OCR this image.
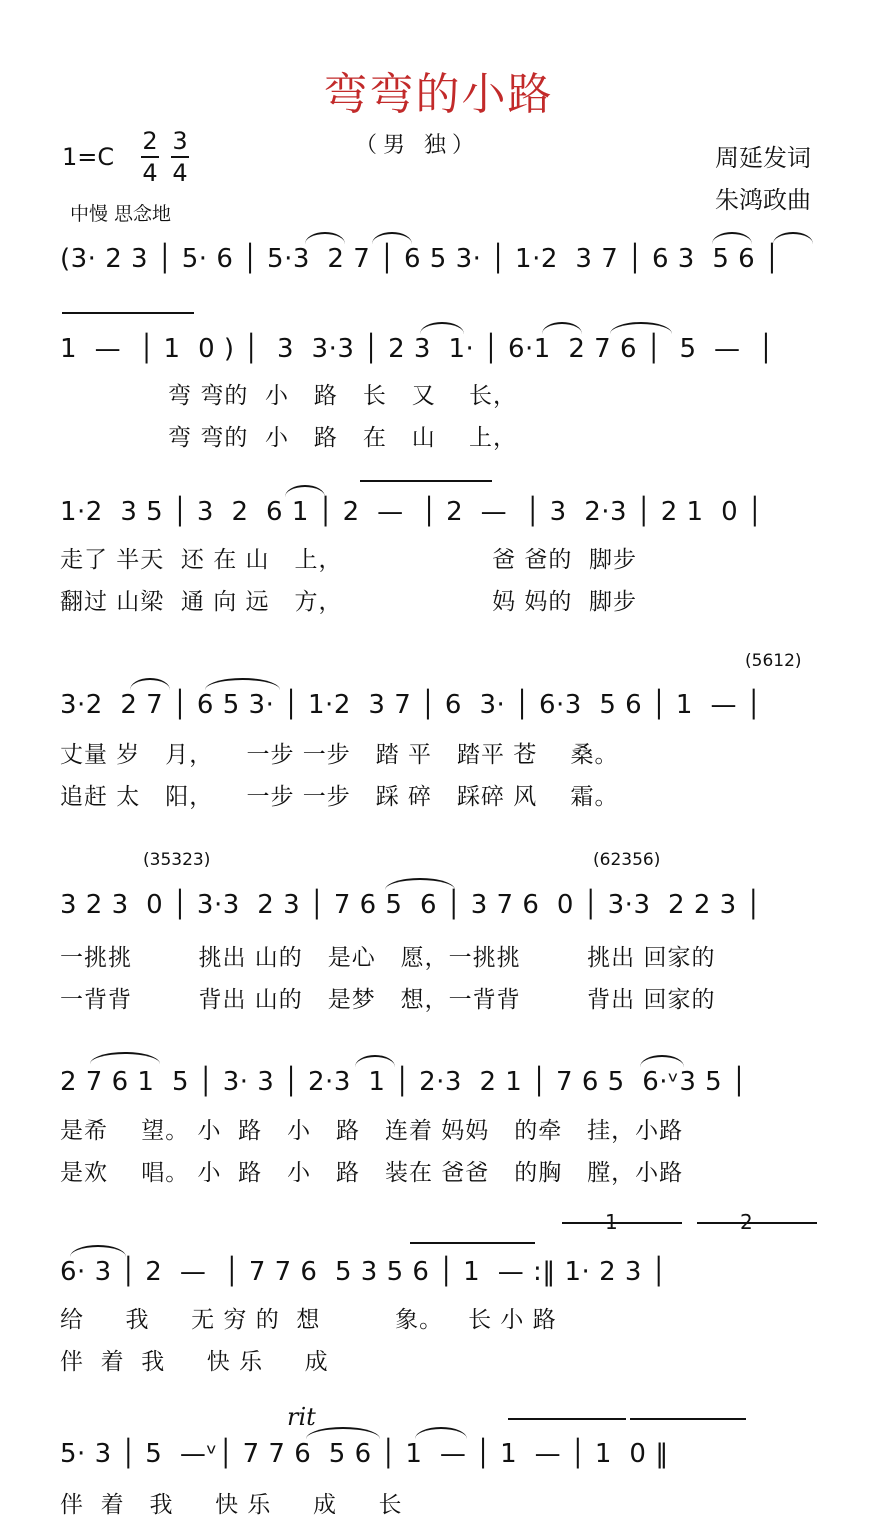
弯弯的小路
（男 独）
1=C
2
4
3
4
周延发词
朱鸿政曲
中慢 思念地
(3· 2 3 │ 5· 6 │ 5·3  2 7 │ 6 5 3· │ 1·2  3 7 │ 6 3  5 6 │
1  —  │ 1  0 ) │  3  3·3 │ 2 3  1· │ 6·1  2 7 6 │  5  —  │
弯 弯的  小   路   长   又    长，
弯 弯的  小   路   在   山    上，
1·2  3 5 │ 3  2  6 1 │ 2  —  │ 2  —  │ 3  2·3 │ 2 1  0 │
走了 半天  还 在 山   上，                  爸 爸的  脚步
翻过 山梁  通 向 远   方，                  妈 妈的  脚步
(5612)
3·2  2 7 │ 6 5 3· │ 1·2  3 7 │ 6  3· │ 6·3  5 6 │ 1  — │
丈量 岁   月，    一步 一步   踏 平   踏平 苍    桑。
追赶 太   阳，    一步 一步   踩 碎   踩碎 风    霜。
(35323)	(62356)
3 2 3  0 │ 3·3  2 3 │ 7 6 5  6 │ 3 7 6  0 │ 3·3  2 2 3 │
一挑挑        挑出 山的   是心   愿，一挑挑        挑出 回家的
一背背        背出 山的   是梦   想，一背背        背出 回家的
2 7 6 1  5 │ 3· 3 │ 2·3  1 │ 2·3  2 1 │ 7 6 5  6·ᵛ3 5 │
是希    望。 小  路   小   路   连着 妈妈   的牵   挂，小路
是欢    唱。 小  路   小   路   装在 爸爸   的胸   膛，小路
6· 3 │ 2  —  │ 7 7 6  5 3 5 6 │ 1  — :‖ 1· 2 3 │
给     我     无 穷 的  想         象。   长 小 路
伴  着  我     快 乐     成
rit
5· 3 │ 5  —ᵛ│ 7 7 6  5 6 │ 1  — │ 1  — │ 1  0 ‖
伴  着   我     快 乐     成     长
